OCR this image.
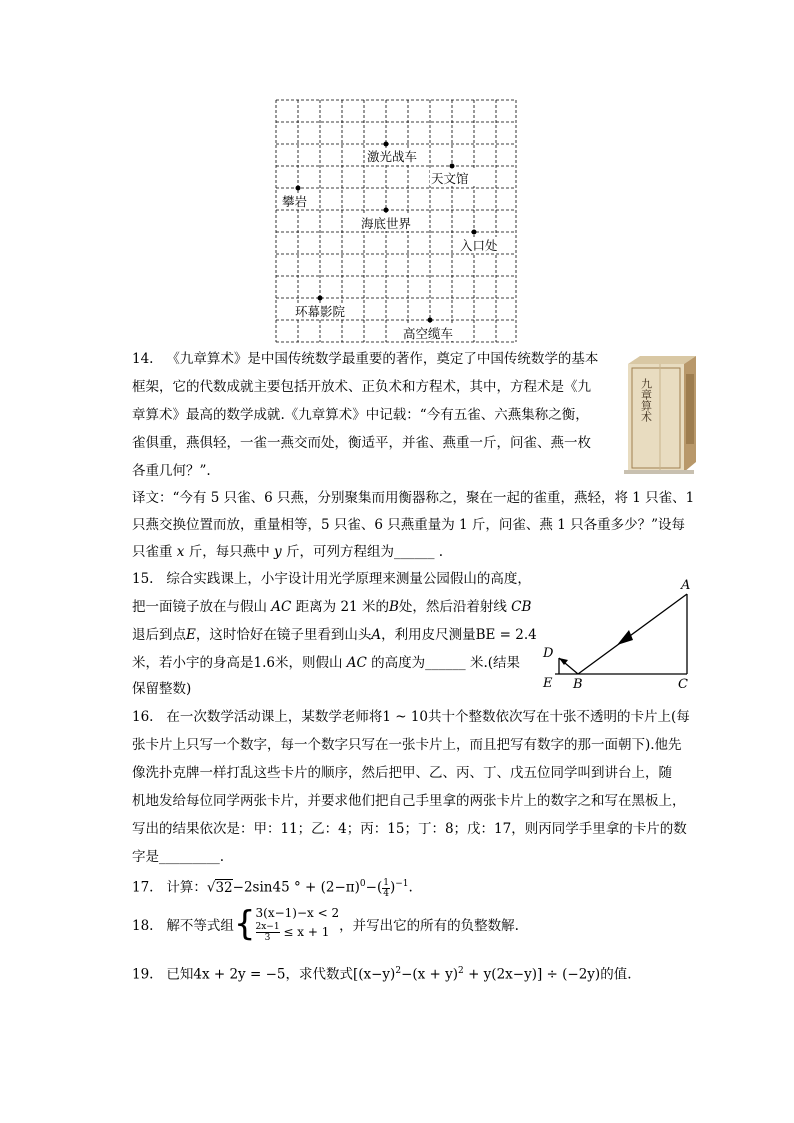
激光战车
天文馆
攀岩
海底世界
入口处
环幕影院
高空缆车
14. 《九章算术》是中国传统数学最重要的著作，奠定了中国传统数学的基本
框架，它的代数成就主要包括开放术、正负术和方程术，其中，方程术是《九
章算术》最高的数学成就.《九章算术》中记载：“今有五雀、六燕集称之衡，
雀俱重，燕俱轻，一雀一燕交而处，衡适平，并雀、燕重一斤，问雀、燕一枚
各重几何？”.
九章算术
译文：“今有 5 只雀、6 只燕，分别聚集而用衡器称之，聚在一起的雀重，燕轻，将 1 只雀、1
只燕交换位置而放，重量相等，5 只雀、6 只燕重量为 1 斤，问雀、燕 1 只各重多少？”设每
只雀重 x 斤，每只燕中 y 斤，可列方程组为______ .
15. 综合实践课上，小宇设计用光学原理来测量公园假山的高度，
把一面镜子放在与假山 AC 距离为 21 米的B处，然后沿着射线 CB
退后到点E，这时恰好在镜子里看到山头A，利用皮尺测量BE = 2.4
米，若小宇的身高是1.6米，则假山 AC 的高度为______ 米.(结果
保留整数)
A
D
E B	C
16. 在一次数学活动课上，某数学老师将1 ~ 10共十个整数依次写在十张不透明的卡片上(每
张卡片上只写一个数字，每一个数字只写在一张卡片上，而且把写有数字的那一面朝下).他先
像洗扑克牌一样打乱这些卡片的顺序，然后把甲、乙、丙、丁、戊五位同学叫到讲台上，随
机地发给每位同学两张卡片，并要求他们把自己手里拿的两张卡片上的数字之和写在黑板上，
写出的结果依次是：甲：11；乙：4；丙：15；丁：8；戊：17，则丙同学手里拿的卡片的数
字是_________.
17. 计算：√32−2sin45 ° + $(2-\pi)^0-( \frac{1}{4} )^{-1}$.
18. 解不等式组{ 3(x−1)−x < 2
$\frac{2x-1}{3} \le x + 1$ ，并写出它的所有的负整数解.
19. 已知4x + 2y = −5，求代数式$[(x-y)^2-(x + y)^2 + y(2x-y)] \div (-2y)$的值.
